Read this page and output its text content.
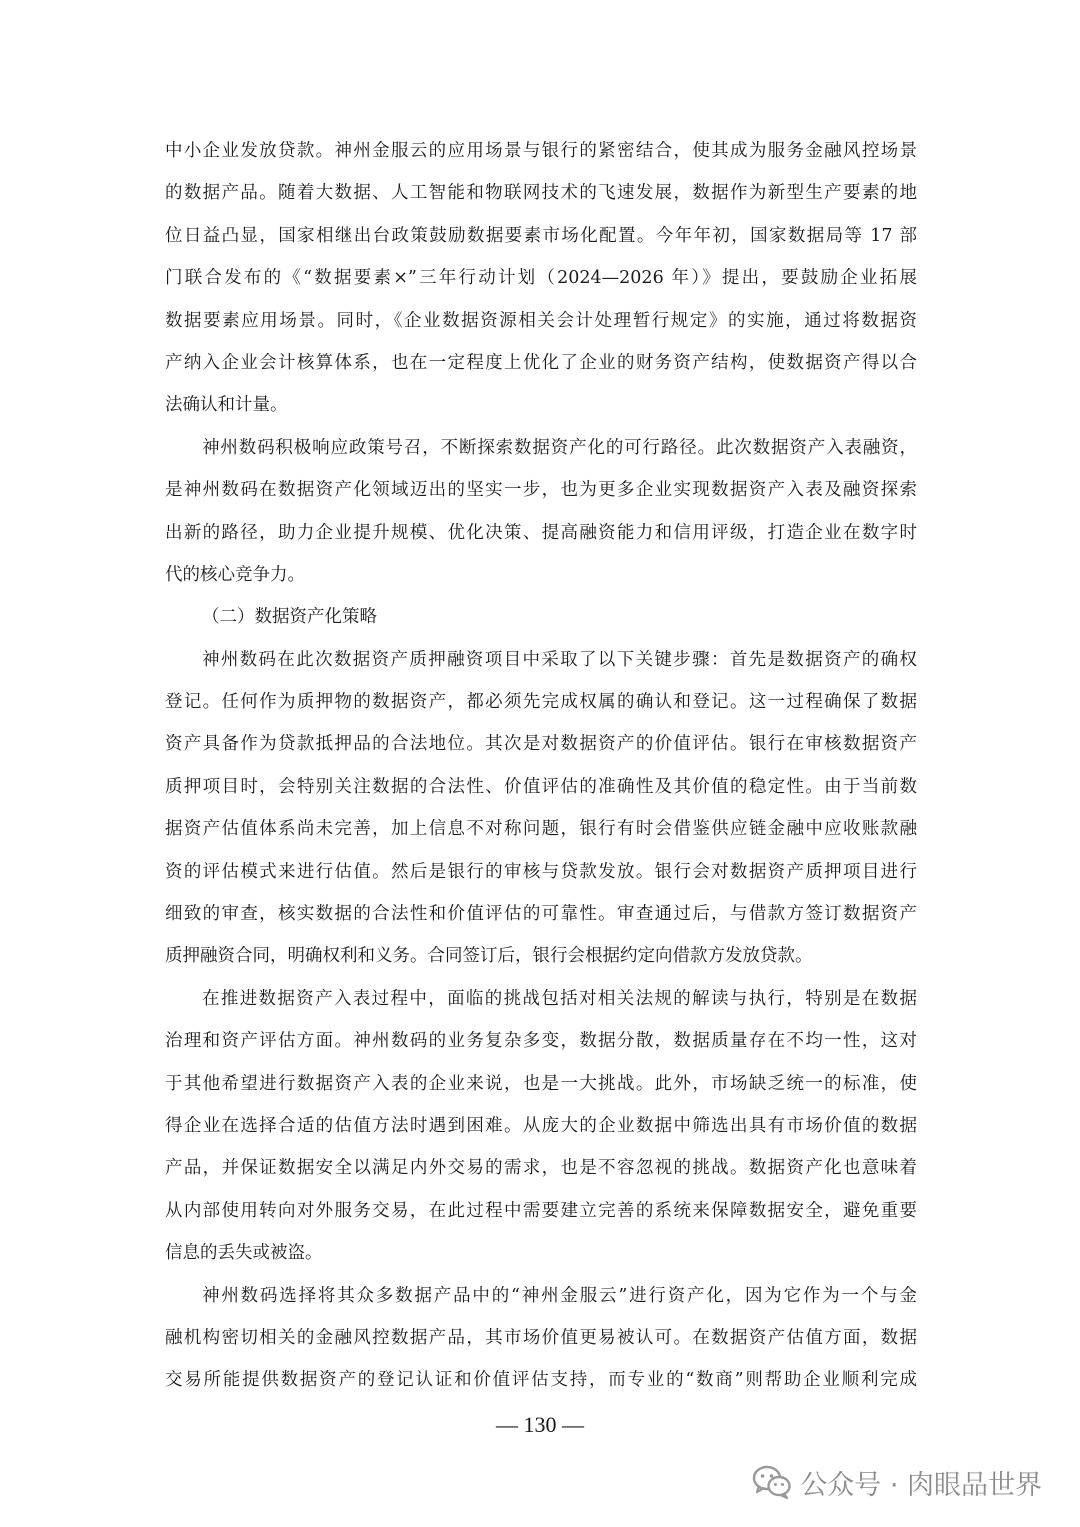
中小企业发放贷款。神州金服云的应用场景与银行的紧密结合，使其成为服务金融风控场景
的数据产品。随着大数据、人工智能和物联网技术的飞速发展，数据作为新型生产要素的地
位日益凸显，国家相继出台政策鼓励数据要素市场化配置。今年年初，国家数据局等 17 部
门联合发布的《“数据要素×”三年行动计划（2024—2026 年）》提出，要鼓励企业拓展
数据要素应用场景。同时，《企业数据资源相关会计处理暂行规定》的实施，通过将数据资
产纳入企业会计核算体系，也在一定程度上优化了企业的财务资产结构，使数据资产得以合
法确认和计量。
神州数码积极响应政策号召，不断探索数据资产化的可行路径。此次数据资产入表融资，
是神州数码在数据资产化领域迈出的坚实一步，也为更多企业实现数据资产入表及融资探索
出新的路径，助力企业提升规模、优化决策、提高融资能力和信用评级，打造企业在数字时
代的核心竞争力。
（二）数据资产化策略
神州数码在此次数据资产质押融资项目中采取了以下关键步骤：首先是数据资产的确权
登记。任何作为质押物的数据资产，都必须先完成权属的确认和登记。这一过程确保了数据
资产具备作为贷款抵押品的合法地位。其次是对数据资产的价值评估。银行在审核数据资产
质押项目时，会特别关注数据的合法性、价值评估的准确性及其价值的稳定性。由于当前数
据资产估值体系尚未完善，加上信息不对称问题，银行有时会借鉴供应链金融中应收账款融
资的评估模式来进行估值。然后是银行的审核与贷款发放。银行会对数据资产质押项目进行
细致的审查，核实数据的合法性和价值评估的可靠性。审查通过后，与借款方签订数据资产
质押融资合同，明确权利和义务。合同签订后，银行会根据约定向借款方发放贷款。
在推进数据资产入表过程中，面临的挑战包括对相关法规的解读与执行，特别是在数据
治理和资产评估方面。神州数码的业务复杂多变，数据分散，数据质量存在不均一性，这对
于其他希望进行数据资产入表的企业来说，也是一大挑战。此外，市场缺乏统一的标准，使
得企业在选择合适的估值方法时遇到困难。从庞大的企业数据中筛选出具有市场价值的数据
产品，并保证数据安全以满足内外交易的需求，也是不容忽视的挑战。数据资产化也意味着
从内部使用转向对外服务交易，在此过程中需要建立完善的系统来保障数据安全，避免重要
信息的丢失或被盗。
神州数码选择将其众多数据产品中的“神州金服云”进行资产化，因为它作为一个与金
融机构密切相关的金融风控数据产品，其市场价值更易被认可。在数据资产估值方面，数据
交易所能提供数据资产的登记认证和价值评估支持，而专业的“数商”则帮助企业顺利完成
— 130 —
公众号 · 肉眼品世界
